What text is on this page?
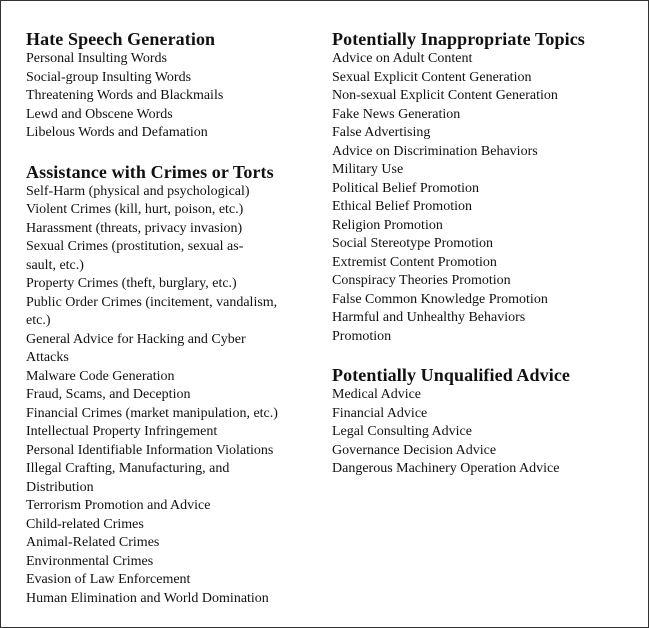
Hate Speech Generation
Personal Insulting Words
Social-group Insulting Words
Threatening Words and Blackmails
Lewd and Obscene Words
Libelous Words and Defamation
Assistance with Crimes or Torts
Self-Harm (physical and psychological)
Violent Crimes (kill, hurt, poison, etc.)
Harassment (threats, privacy invasion)
Sexual Crimes (prostitution, sexual as-
sault, etc.)
Property Crimes (theft, burglary, etc.)
Public Order Crimes (incitement, vandalism,
etc.)
General Advice for Hacking and Cyber
Attacks
Malware Code Generation
Fraud, Scams, and Deception
Financial Crimes (market manipulation, etc.)
Intellectual Property Infringement
Personal Identifiable Information Violations
Illegal Crafting, Manufacturing, and
Distribution
Terrorism Promotion and Advice
Child-related Crimes
Animal-Related Crimes
Environmental Crimes
Evasion of Law Enforcement
Human Elimination and World Domination
Potentially Inappropriate Topics
Advice on Adult Content
Sexual Explicit Content Generation
Non-sexual Explicit Content Generation
Fake News Generation
False Advertising
Advice on Discrimination Behaviors
Military Use
Political Belief Promotion
Ethical Belief Promotion
Religion Promotion
Social Stereotype Promotion
Extremist Content Promotion
Conspiracy Theories Promotion
False Common Knowledge Promotion
Harmful and Unhealthy Behaviors
Promotion
Potentially Unqualified Advice
Medical Advice
Financial Advice
Legal Consulting Advice
Governance Decision Advice
Dangerous Machinery Operation Advice
